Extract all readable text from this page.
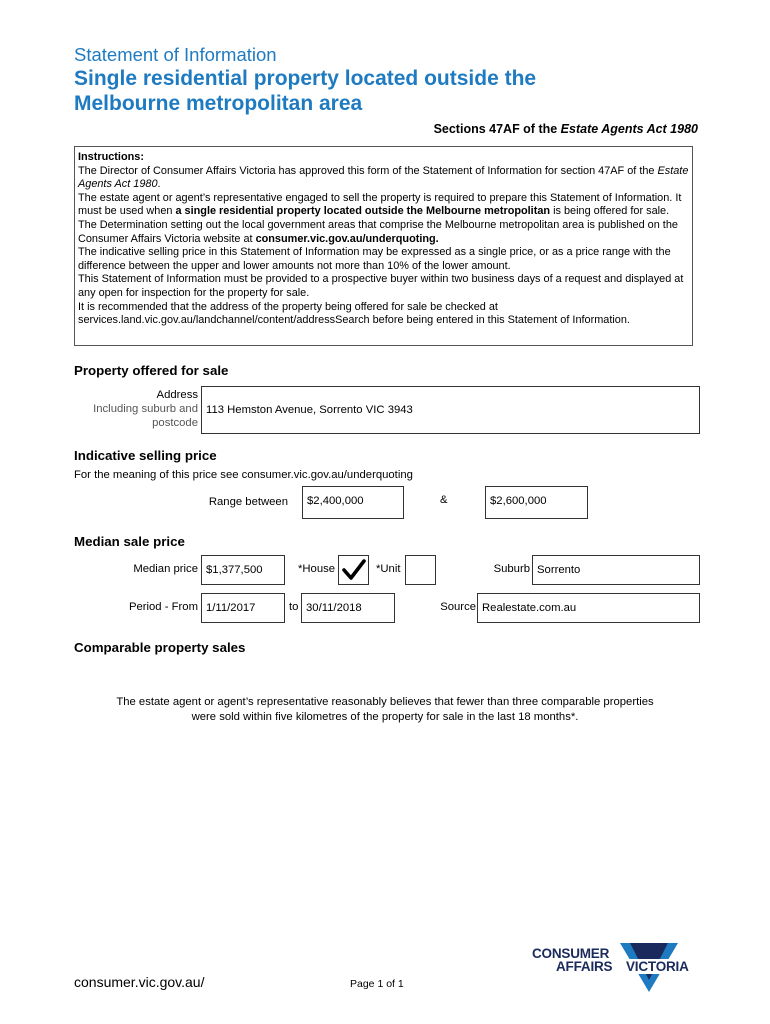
Statement of Information
Single residential property located outside the
Melbourne metropolitan area
Sections 47AF of the Estate Agents Act 1980

Instructions:

The Director of Consumer Affairs Victoria has approved this form of the Statement of Information for section 47AF of the Estate Agents Act 1980.

The estate agent or agent’s representative engaged to sell the property is required to prepare this Statement of Information. It must be used when a single residential property located outside the Melbourne metropolitan is being offered for sale. The Determination setting out the local government areas that comprise the Melbourne metropolitan area is published on the Consumer Affairs Victoria website at consumer.vic.gov.au/underquoting.

The indicative selling price in this Statement of Information may be expressed as a single price, or as a price range with the difference between the upper and lower amounts not more than 10% of the lower amount.

This Statement of Information must be provided to a prospective buyer within two business days of a request and displayed at any open for inspection for the property for sale.

It is recommended that the address of the property being offered for sale be checked at services.land.vic.gov.au/landchannel/content/addressSearch before being entered in this Statement of Information.

Property offered for sale
Address
Including suburb and
postcode
113 Hemston Avenue, Sorrento VIC 3943
Indicative selling price
For the meaning of this price see consumer.vic.gov.au/underquoting
Range between $2,400,000	&	$2,600,000
Median sale price
Median price $1,377,500	*House	*Unit	Suburb Sorrento
Period - From 1/11/2017	to 30/11/2018	Source Realestate.com.au
Comparable property sales
The estate agent or agent’s representative reasonably believes that fewer than three comparable properties
were sold within five kilometres of the property for sale in the last 18 months*.
consumer.vic.gov.au/	Page 1 of 1
CONSUMER
AFFAIRS VICTORIA
